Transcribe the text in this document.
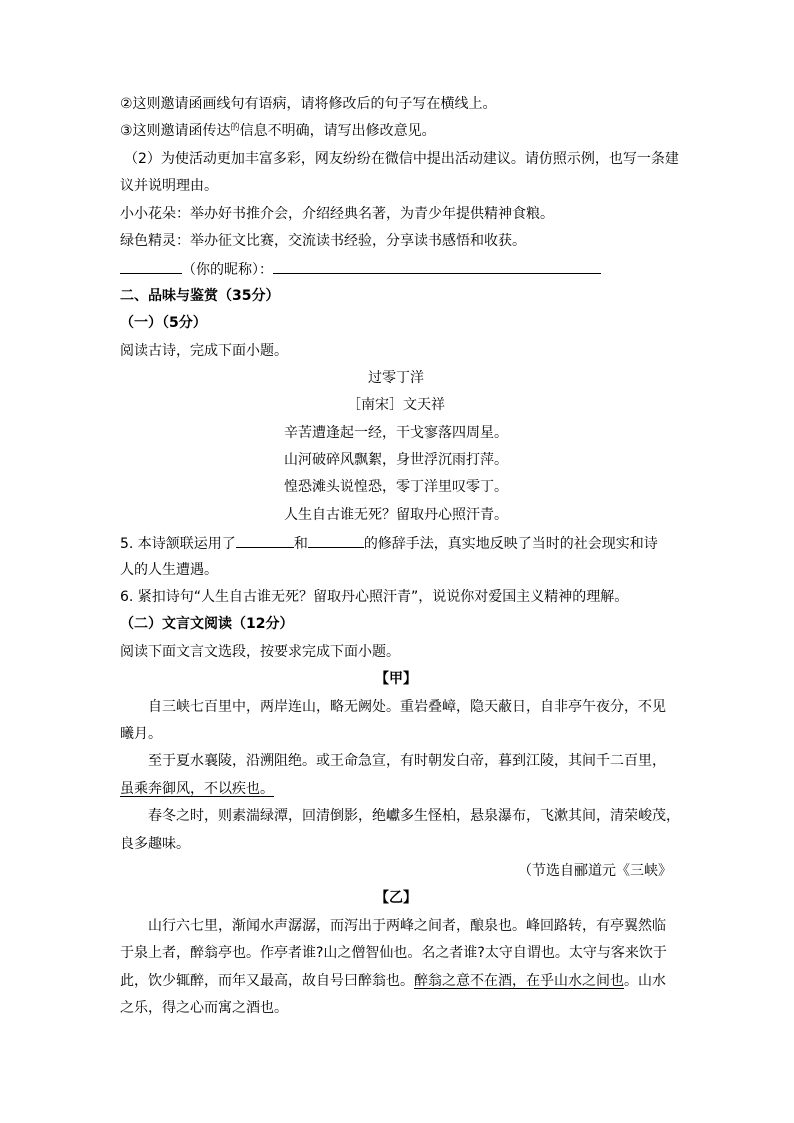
②这则邀请函画线句有语病，请将修改后的句子写在横线上。
③这则邀请函传达$^的$信息不明确，请写出修改意见。
（2）为使活动更加丰富多彩，网友纷纷在微信中提出活动建议。请仿照示例，也写一条建
议并说明理由。
小小花朵：举办好书推介会，介绍经典名著，为青少年提供精神食粮。
绿色精灵：举办征文比赛，交流读书经验，分享读书感悟和收获。
（你的昵称）：
二、品味与鉴赏（35分）
（一）（5分）
阅读古诗，完成下面小题。
过零丁洋
［南宋］文天祥
辛苦遭逢起一经，干戈寥落四周星。
山河破碎风飘絮，身世浮沉雨打萍。
惶恐滩头说惶恐，零丁洋里叹零丁。
人生自古谁无死？留取丹心照汗青。
5. 本诗颔联运用了	和	的修辞手法，真实地反映了当时的社会现实和诗
人的人生遭遇。
6. 紧扣诗句“人生自古谁无死？留取丹心照汗青”，说说你对爱国主义精神的理解。
（二）文言文阅读（12分）
阅读下面文言文选段，按要求完成下面小题。
【甲】
自三峡七百里中，两岸连山，略无阙处。重岩叠嶂，隐天蔽日，自非亭午夜分，不见
曦月。
至于夏水襄陵，沿溯阻绝。或王命急宣，有时朝发白帝，暮到江陵，其间千二百里，
虽乘奔御风，不以疾也。
春冬之时，则素湍绿潭，回清倒影，绝巘多生怪柏，悬泉瀑布，飞漱其间，清荣峻茂，
良多趣味。
（节选自郦道元《三峡》
【乙】
山行六七里，渐闻水声潺潺，而泻出于两峰之间者，酿泉也。峰回路转，有亭翼然临
于泉上者，醉翁亭也。作亭者谁?山之僧智仙也。名之者谁?太守自谓也。太守与客来饮于
此，饮少辄醉，而年又最高，故自号曰醉翁也。醉翁之意不在酒，在乎山水之间也。山水
之乐，得之心而寓之酒也。
